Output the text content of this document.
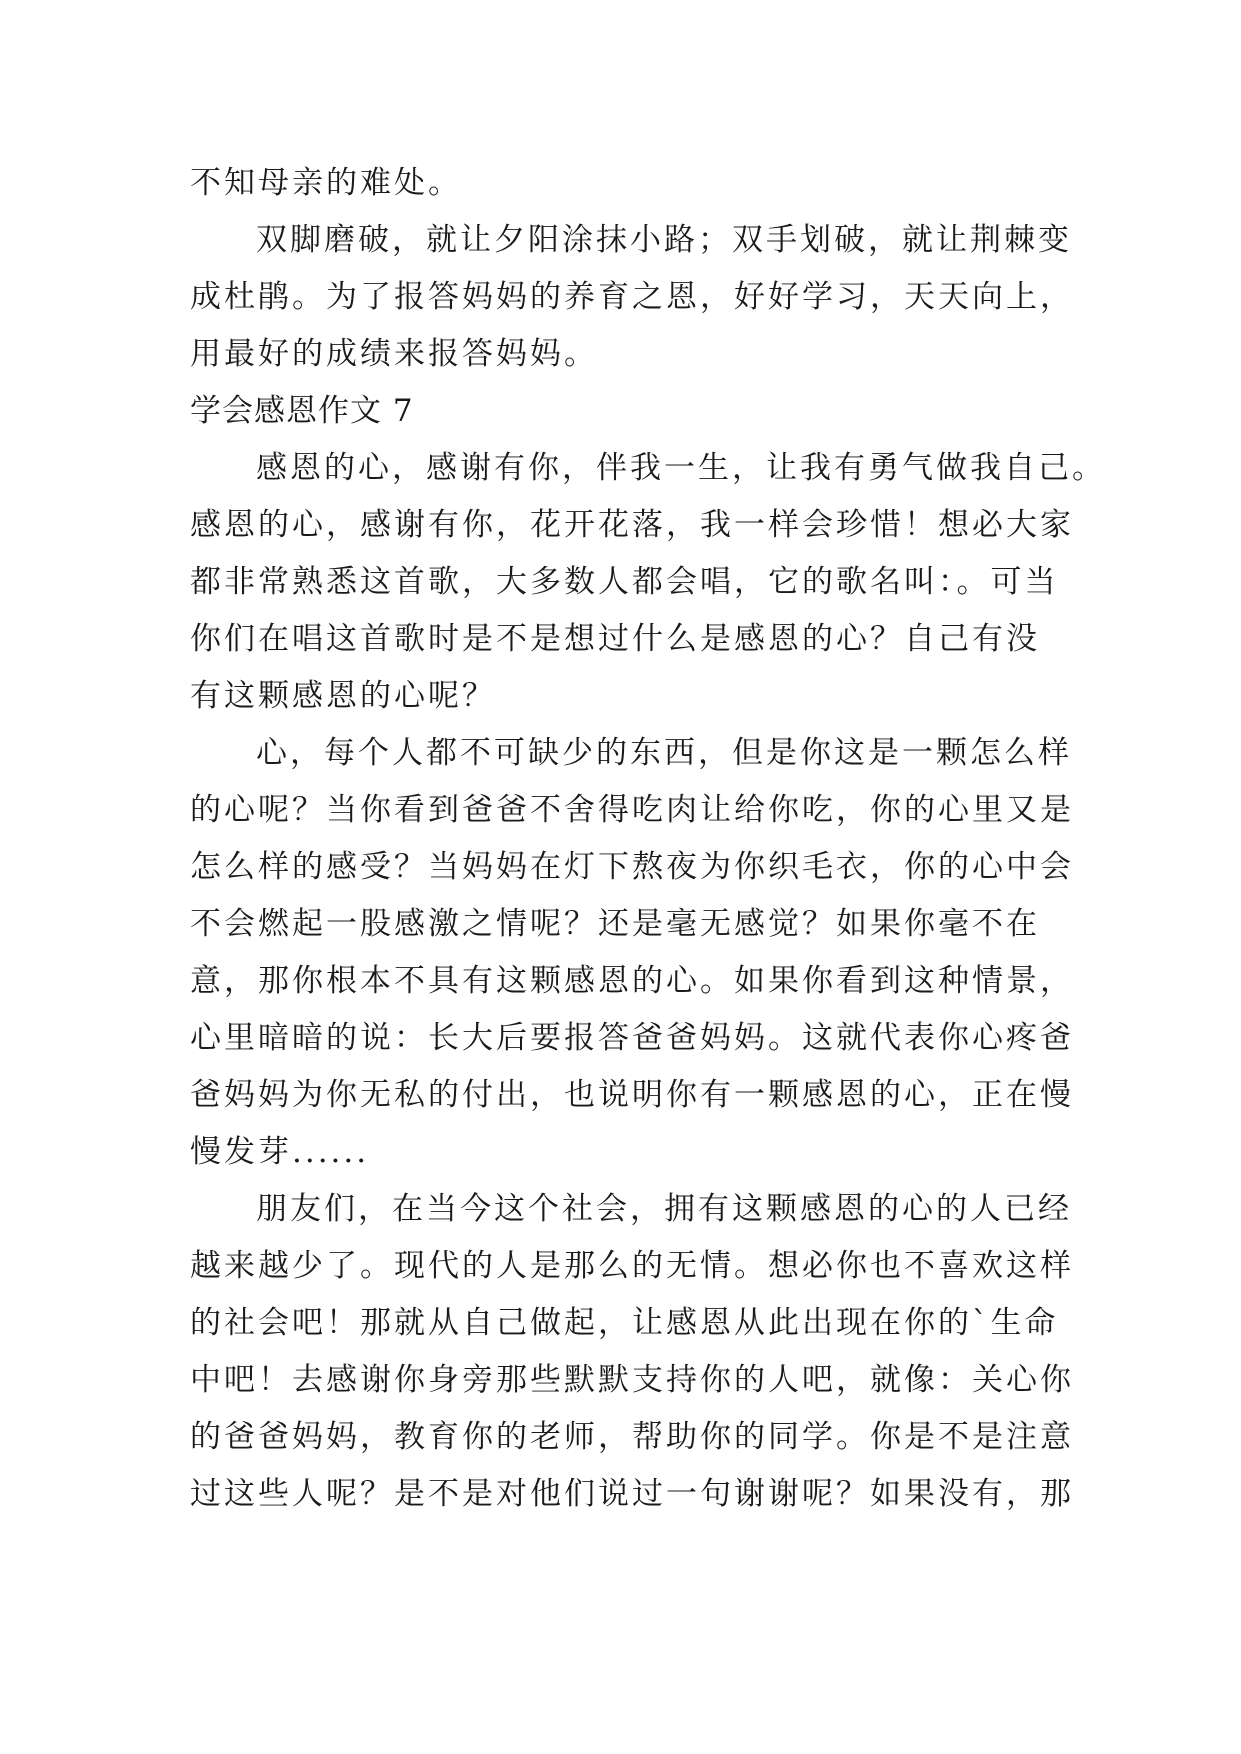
不知母亲的难处。
双脚磨破，就让夕阳涂抹小路；双手划破，就让荆棘变
成杜鹃。为了报答妈妈的养育之恩，好好学习，天天向上，
用最好的成绩来报答妈妈。
学会感恩作文 7
感恩的心，感谢有你，伴我一生，让我有勇气做我自己。
感恩的心，感谢有你，花开花落，我一样会珍惜！想必大家
都非常熟悉这首歌，大多数人都会唱，它的歌名叫：。可当
你们在唱这首歌时是不是想过什么是感恩的心？自己有没
有这颗感恩的心呢？
心，每个人都不可缺少的东西，但是你这是一颗怎么样
的心呢？当你看到爸爸不舍得吃肉让给你吃，你的心里又是
怎么样的感受？当妈妈在灯下熬夜为你织毛衣，你的心中会
不会燃起一股感激之情呢？还是毫无感觉？如果你毫不在
意，那你根本不具有这颗感恩的心。如果你看到这种情景，
心里暗暗的说：长大后要报答爸爸妈妈。这就代表你心疼爸
爸妈妈为你无私的付出，也说明你有一颗感恩的心，正在慢
慢发芽......
朋友们，在当今这个社会，拥有这颗感恩的心的人已经
越来越少了。现代的人是那么的无情。想必你也不喜欢这样
的社会吧！那就从自己做起，让感恩从此出现在你的`生命
中吧！去感谢你身旁那些默默支持你的人吧，就像：关心你
的爸爸妈妈，教育你的老师，帮助你的同学。你是不是注意
过这些人呢？是不是对他们说过一句谢谢呢？如果没有，那
